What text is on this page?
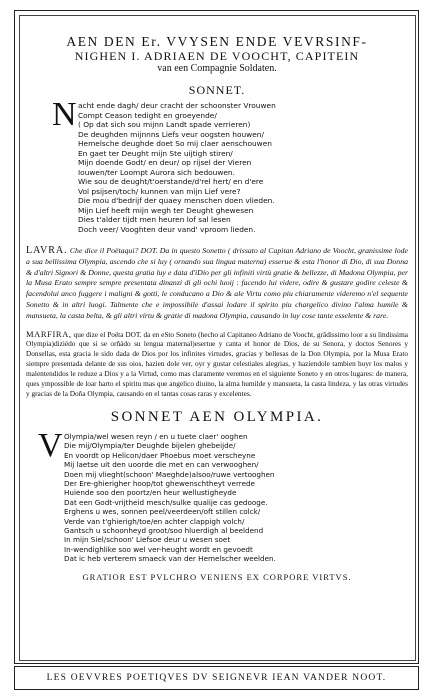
AEN DEN Er. VVYSEN ENDE VEVRSINF-
NIGHEN I. ADRIAEN DE VOOCHT, CAPITEIN
van een Compagnie Soldaten.
SONNET.
N acht ende dagh/ deur cracht der schoonster Vrouwen
Compt Ceason tedight en groeyende/
( Op dat sich sou mijnn Landt spade verrieren)
De deughden mijnnns Liefs veur oogsten houwen/
Hemelsche deughde doet So mij claer aenschouwen
En gaet ter Deught mijn Ste uijtigh stiren/
Mijn doende Godt/ en deur/ op rijsel der Vieren
Iouwen/ter Loompt Aurora sich bedouwen.
Wie sou de deught/t'oerstande/d'rel hert/ en d'ere
Vol psijsen/toch/ kunnen van mijn Lief vere?
Die mou d'bedrijf der quaey menschen doen vlieden.
Mijn Lief heeft mijn wegh ter Deught ghewesen
Dies t'alder tijdt men heuren lof sal lesen
Doch veer/ Vooghten deur vand' vproom lieden.
LAVRA. Che dice il Poëtaqui? DOT. Da in questo Sonetto ( drissato al Capitan Adriano de Voocht, granissime lode a sua bellissima Olympia, ascendo che si luy ( ornando sua lingua materna) esserue & esta l'honor di Dio, di sua Donna & d'altri Signori & Donne, questa gratia luy e data d'iDio per gli infiniti virtù gratie & bellezze, di Madona Olympia, per la Musa Erato sempre sempre presentata dinanzi di gli ochi luoij : facendo lui videre, odire & gustare godire celeste & facendolui anco fuggere i maligni & gotti, le conducano a Dio & ale Virtu como piu chiaramente videremo n'el sequente Sonetto & in altri luogi. Talmente che e impossibile d'assai lodare il spirito piu chargelico divino l'alma humile & mansueta, la casta belta, & gli altri virtu & gratie di madona Olympia, causando in luy cose tante esselente & rare.
MARFIRA, que dize el Poëta DOT. da en eSto Soneto (hecho al Capitaneo Adriano de Voocht, grãdissimo loor a su lindissima Olympia)diziédo que si se orñádo su lengua maternal)esertue y canta el honor de Dios, de su Senora, y doctos Senores y Donsellas, esta gracia le sido dada de Dios por los infinites virtudes, gracias y bellesas de la Don Olympia, por la Musa Erato siempre presentada delante de sus oios, hazien dole ver, oyr y gustar celestiales alegrias, y haziendole tambien huyr los malos y malentendidos le reduze a Dios y a la Virtud, como mas claramente veremos en el siguiente Soneto y en otros lugares: de manera, ques ympossible de loar harto el spiritu mas que angelico diuino, la alma humilde y mansueta, la casta lindeza, y las otras virtudes y gracias de la Doña Olympia, causando en el tantas cosas raras y excelentes.
SONNET AEN OLYMPIA.
V Olympia/wel wesen reyn / en u tuete claer' ooghen
Die mij/Olympia/ter Deughde bijelen ghebeijde/
En voordt op Helicon/daer Phoebus moet verscheyne
Mij laetse uit den uoorde die met en can verwooghen/
Doen mij vlieght(schoon' Maeghde)alsoo/ruwe vertooghen
Der Ere-ghierigher hoop/tot ghewenschtheyt verrede
Huiende soo den poortz/en heur wellustigheyde
Dat een Godt-vrijtheid mesch/sulke qualije cas gedooge.
Erghens u wes, sonnen peel/veerdeen/oft stillen colck/
Verde van t'ghierigh/toe/en achter clappigh volch/
Gantsch u schoonheyd groot/soo hluerdigh al beeldend
In mijn Siel/schoon' Liefsoe deur u wesen soet
In-wendighlike soo wel ver-heught wordt en gevoedt
Dat ic heb verterem smaeck van der Hemelscher weelden.
GRATIOR EST PVLCHRO VENIENS EX CORPORE VIRTVS.
LES OEVVRES POETIQVES DV SEIGNEVR IEAN VANDER NOOT.
